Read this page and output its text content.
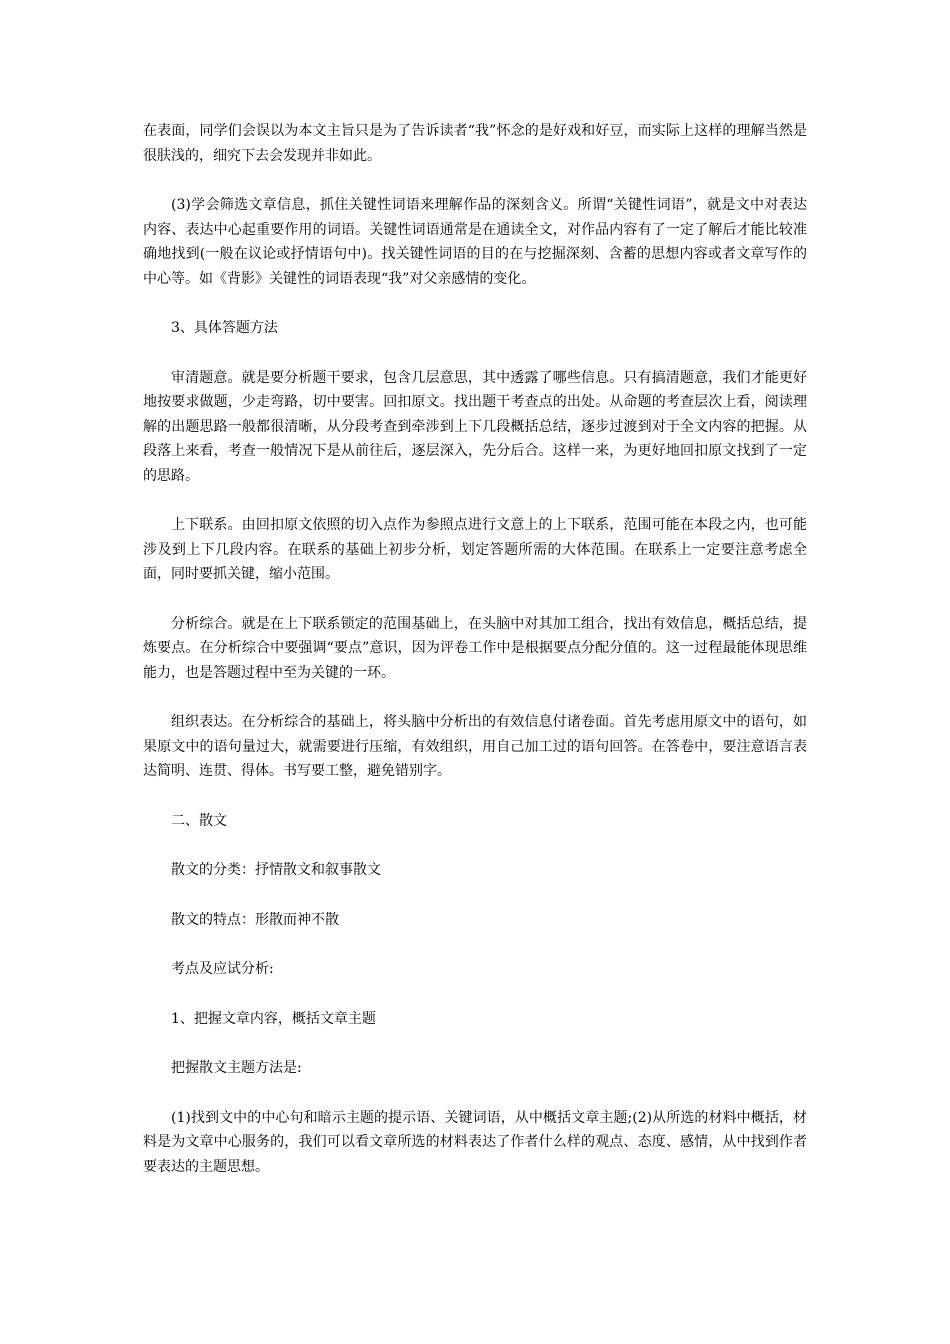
在表面，同学们会误以为本文主旨只是为了告诉读者“我”怀念的是好戏和好豆，而实际上这样的理解当然是很肤浅的，细究下去会发现并非如此。

(3)学会筛选文章信息，抓住关键性词语来理解作品的深刻含义。所谓“关键性词语”，就是文中对表达内容、表达中心起重要作用的词语。关键性词语通常是在通读全文，对作品内容有了一定了解后才能比较准确地找到(一般在议论或抒情语句中)。找关键性词语的目的在与挖掘深刻、含蓄的思想内容或者文章写作的中心等。如《背影》关键性的词语表现“我”对父亲感情的变化。

3、具体答题方法

审清题意。就是要分析题干要求，包含几层意思，其中透露了哪些信息。只有搞清题意，我们才能更好地按要求做题，少走弯路，切中要害。回扣原文。找出题干考查点的出处。从命题的考查层次上看，阅读理解的出题思路一般都很清晰，从分段考查到牵涉到上下几段概括总结，逐步过渡到对于全文内容的把握。从段落上来看，考查一般情况下是从前往后，逐层深入，先分后合。这样一来，为更好地回扣原文找到了一定的思路。

上下联系。由回扣原文依照的切入点作为参照点进行文意上的上下联系，范围可能在本段之内，也可能涉及到上下几段内容。在联系的基础上初步分析，划定答题所需的大体范围。在联系上一定要注意考虑全面，同时要抓关键，缩小范围。

分析综合。就是在上下联系锁定的范围基础上，在头脑中对其加工组合，找出有效信息，概括总结，提炼要点。在分析综合中要强调“要点”意识，因为评卷工作中是根据要点分配分值的。这一过程最能体现思维能力，也是答题过程中至为关键的一环。

组织表达。在分析综合的基础上，将头脑中分析出的有效信息付诸卷面。首先考虑用原文中的语句，如果原文中的语句量过大，就需要进行压缩，有效组织，用自己加工过的语句回答。在答卷中，要注意语言表达简明、连贯、得体。书写要工整，避免错别字。

二、散文

散文的分类：抒情散文和叙事散文

散文的特点：形散而神不散

考点及应试分析:

1、把握文章内容，概括文章主题

把握散文主题方法是:

(1)找到文中的中心句和暗示主题的提示语、关键词语，从中概括文章主题;(2)从所选的材料中概括，材料是为文章中心服务的，我们可以看文章所选的材料表达了作者什么样的观点、态度、感情，从中找到作者要表达的主题思想。
